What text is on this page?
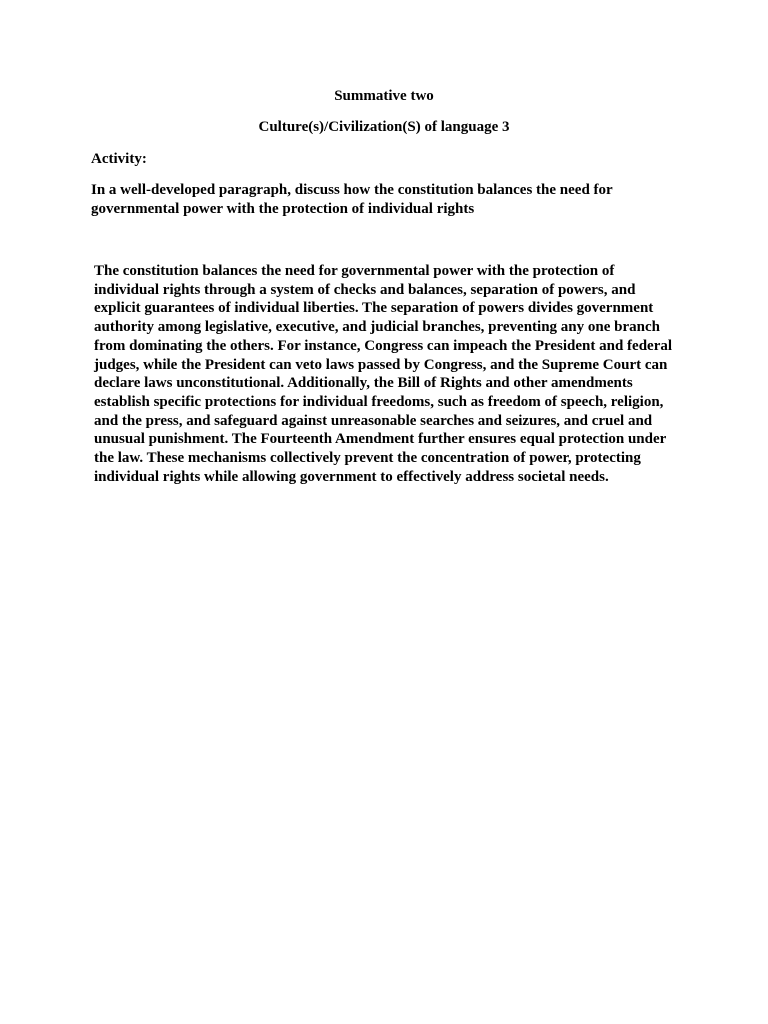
Summative two
Culture(s)/Civilization(S) of language 3
Activity:
In a well-developed paragraph, discuss how the constitution balances the need for governmental power with the protection of individual rights
The constitution balances the need for governmental power with the protection of individual rights through a system of checks and balances, separation of powers, and explicit guarantees of individual liberties. The separation of powers divides government authority among legislative, executive, and judicial branches, preventing any one branch from dominating the others. For instance, Congress can impeach the President and federal judges, while the President can veto laws passed by Congress, and the Supreme Court can declare laws unconstitutional. Additionally, the Bill of Rights and other amendments establish specific protections for individual freedoms, such as freedom of speech, religion, and the press, and safeguard against unreasonable searches and seizures, and cruel and unusual punishment. The Fourteenth Amendment further ensures equal protection under the law. These mechanisms collectively prevent the concentration of power, protecting individual rights while allowing government to effectively address societal needs.
